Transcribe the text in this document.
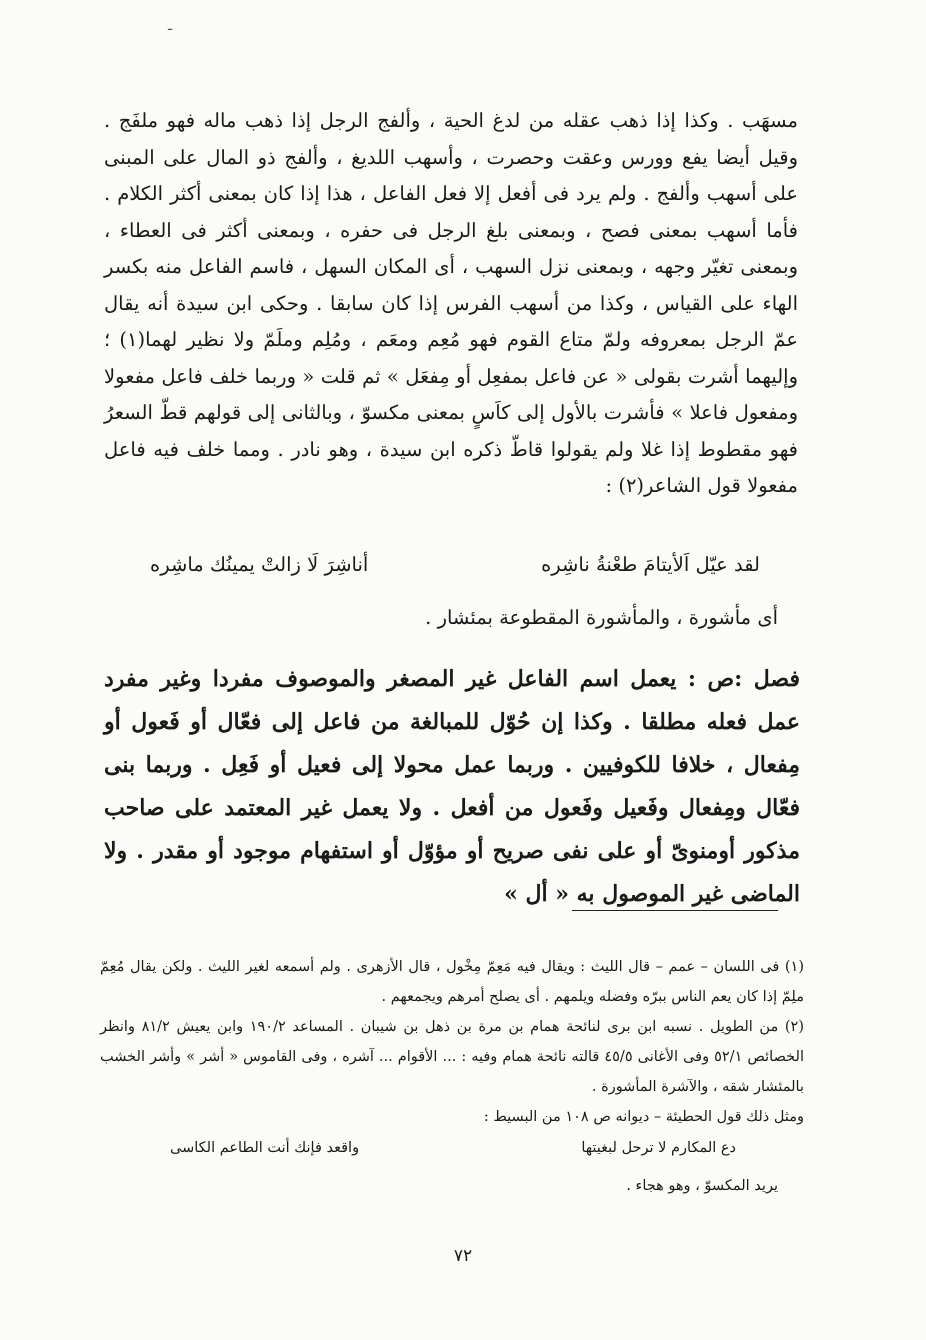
ـ

مسهَب . وكذا إذا ذهب عقله من لدغ الحية ، وألفج الرجل إذا ذهب ماله فهو ملفَج . وقيل أيضا يفع وورس وعقت وحصرت ، وأسهب اللديغ ، وألفج ذو المال على المبنى على أسهب وألفج . ولم يرد فى أفعل إلا فعل الفاعل ، هذا إذا كان بمعنى أكثر الكلام . فأما أسهب بمعنى فصح ، وبمعنى بلغ الرجل فى حفره ، وبمعنى أكثر فى العطاء ، وبمعنى تغيّر وجهه ، وبمعنى نزل السهب ، أى المكان السهل ، فاسم الفاعل منه بكسر الهاء على القياس ، وكذا من أسهب الفرس إذا كان سابقا . وحكى ابن سيدة أنه يقال عمّ الرجل بمعروفه ولمّ متاع القوم فهو مُعِم ومعَم ، ومُلِم وملَمّ ولا نظير لهما(١) ؛ وإليهما أشرت بقولى « عن فاعل بمفعِل أو مِفعَل » ثم قلت « وربما خلف فاعل مفعولا ومفعول فاعلا » فأشرت بالأول إلى كاَسٍ بمعنى مكسوّ ، وبالثانى إلى قولهم قطّ السعرُ فهو مقطوط إذا غلا ولم يقولوا قاطّ ذكره ابن سيدة ، وهو نادر . ومما خلف فيه فاعل مفعولا قول الشاعر(٢) :

لقد عيّل اَلأيتامَ طعْنةُ ناشِره
أناشِرَ لَا زالتْ يمينُك ماشِره
أى مأشورة ، والمأشورة المقطوعة بمئشار .

فصل :ص : يعمل اسم الفاعل غير المصغر والموصوف مفردا وغير مفرد عمل فعله مطلقا . وكذا إن حُوّل للمبالغة من فاعل إلى فعّال أو فَعول أو مِفعال ، خلافا للكوفيين . وربما عمل محولا إلى فعيل أو فَعِل . وربما بنى فعّال ومِفعال وفَعيل وفَعول من أفعل . ولا يعمل غير المعتمد على صاحب مذكور أومنوىّ أو على نفى صريح أو مؤوّل أو استفهام موجود أو مقدر . ولا الماضى غير الموصول به « أل »

(١) فى اللسان – عمم – قال الليث : ويقال فيه مَعِمّ مِخْول ، قال الأزهرى . ولم أسمعه لغير الليث . ولكن يقال مُعِمّ ملِمّ إذا كان يعم الناس ببرّه وفضله ويلمهم . أى يصلح أمرهم ويجمعهم .

(٢) من الطويل . نسبه ابن برى لنائحة همام بن مرة بن ذهل بن شيبان . المساعد ١٩٠/٢ وابن يعيش ٨١/٢ وانظر الخصائص ٥٢/١ وفى الأغانى ٤٥/٥ قالته نائحة همام وفيه : ... الأقوام ... آشره ، وفى القاموس « أشر » وأشر الخشب بالمئشار شقه ، والآشرة المأشورة .

ومثل ذلك قول الحطيئة – ديوانه ص ١٠٨ من البسيط :

دع المكارم لا ترحل لبغيتها
واقعد فإنك أنت الطاعم الكاسى
يريد المكسوّ ، وهو هجاء .
٧٢
